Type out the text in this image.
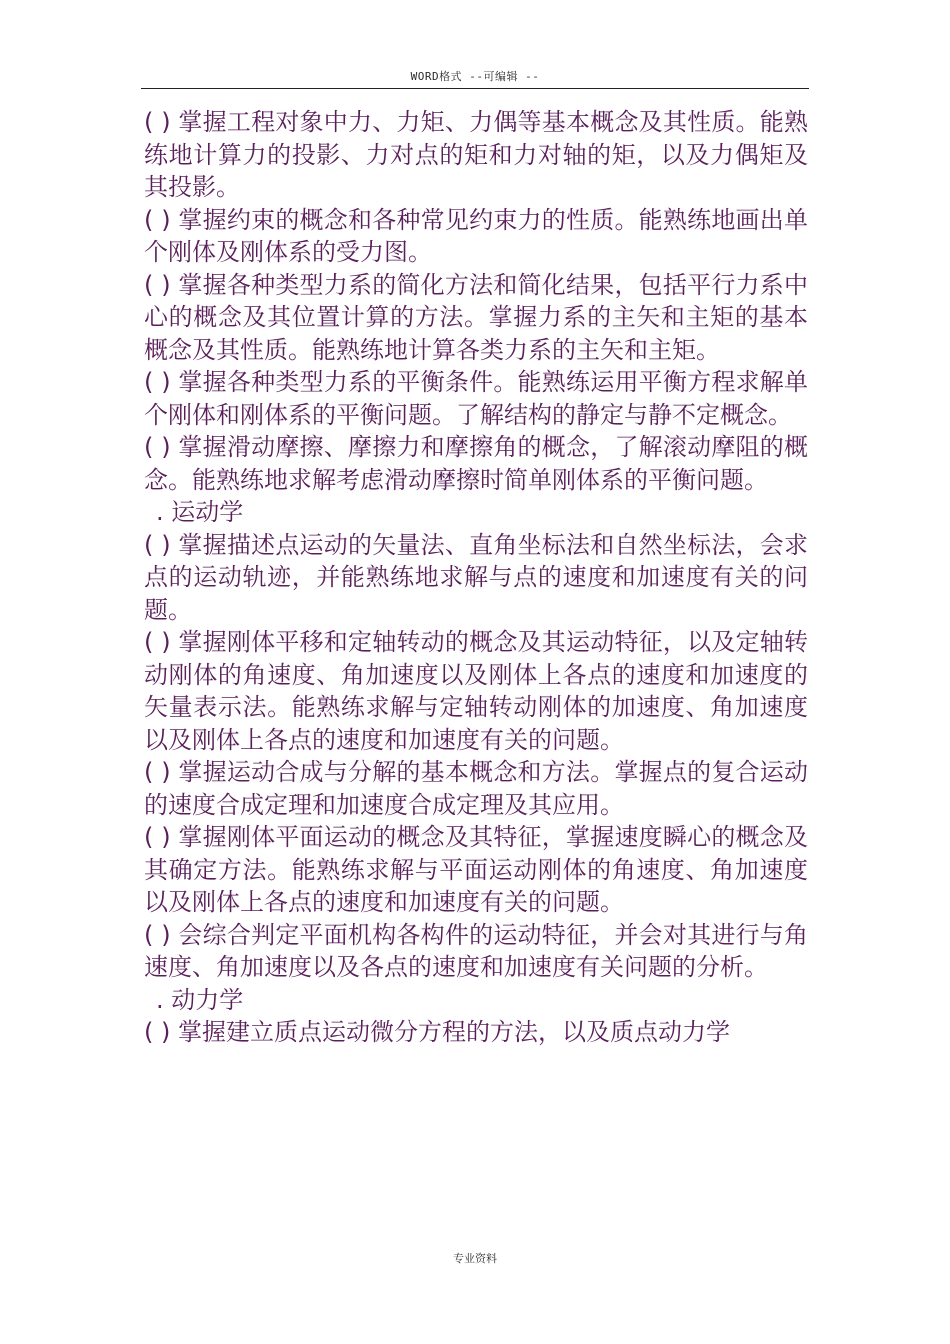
WORD格式 --可编辑 --

( ) 掌握工程对象中力、力矩、力偶等基本概念及其性质。能熟练地计算力的投影、力对点的矩和力对轴的矩，以及力偶矩及其投影。

( ) 掌握约束的概念和各种常见约束力的性质。能熟练地画出单个刚体及刚体系的受力图。

( ) 掌握各种类型力系的简化方法和简化结果，包括平行力系中心的概念及其位置计算的方法。掌握力系的主矢和主矩的基本概念及其性质。能熟练地计算各类力系的主矢和主矩。

( ) 掌握各种类型力系的平衡条件。能熟练运用平衡方程求解单个刚体和刚体系的平衡问题。了解结构的静定与静不定概念。

( ) 掌握滑动摩擦、摩擦力和摩擦角的概念，了解滚动摩阻的概念。能熟练地求解考虑滑动摩擦时简单刚体系的平衡问题。

. 运动学

( ) 掌握描述点运动的矢量法、直角坐标法和自然坐标法，会求点的运动轨迹，并能熟练地求解与点的速度和加速度有关的问题。

( ) 掌握刚体平移和定轴转动的概念及其运动特征，以及定轴转动刚体的角速度、角加速度以及刚体上各点的速度和加速度的矢量表示法。能熟练求解与定轴转动刚体的加速度、角加速度以及刚体上各点的速度和加速度有关的问题。

( ) 掌握运动合成与分解的基本概念和方法。掌握点的复合运动的速度合成定理和加速度合成定理及其应用。

( ) 掌握刚体平面运动的概念及其特征，掌握速度瞬心的概念及其确定方法。能熟练求解与平面运动刚体的角速度、角加速度以及刚体上各点的速度和加速度有关的问题。

( ) 会综合判定平面机构各构件的运动特征，并会对其进行与角速度、角加速度以及各点的速度和加速度有关问题的分析。

. 动力学

( ) 掌握建立质点运动微分方程的方法，以及质点动力学

专业资料
